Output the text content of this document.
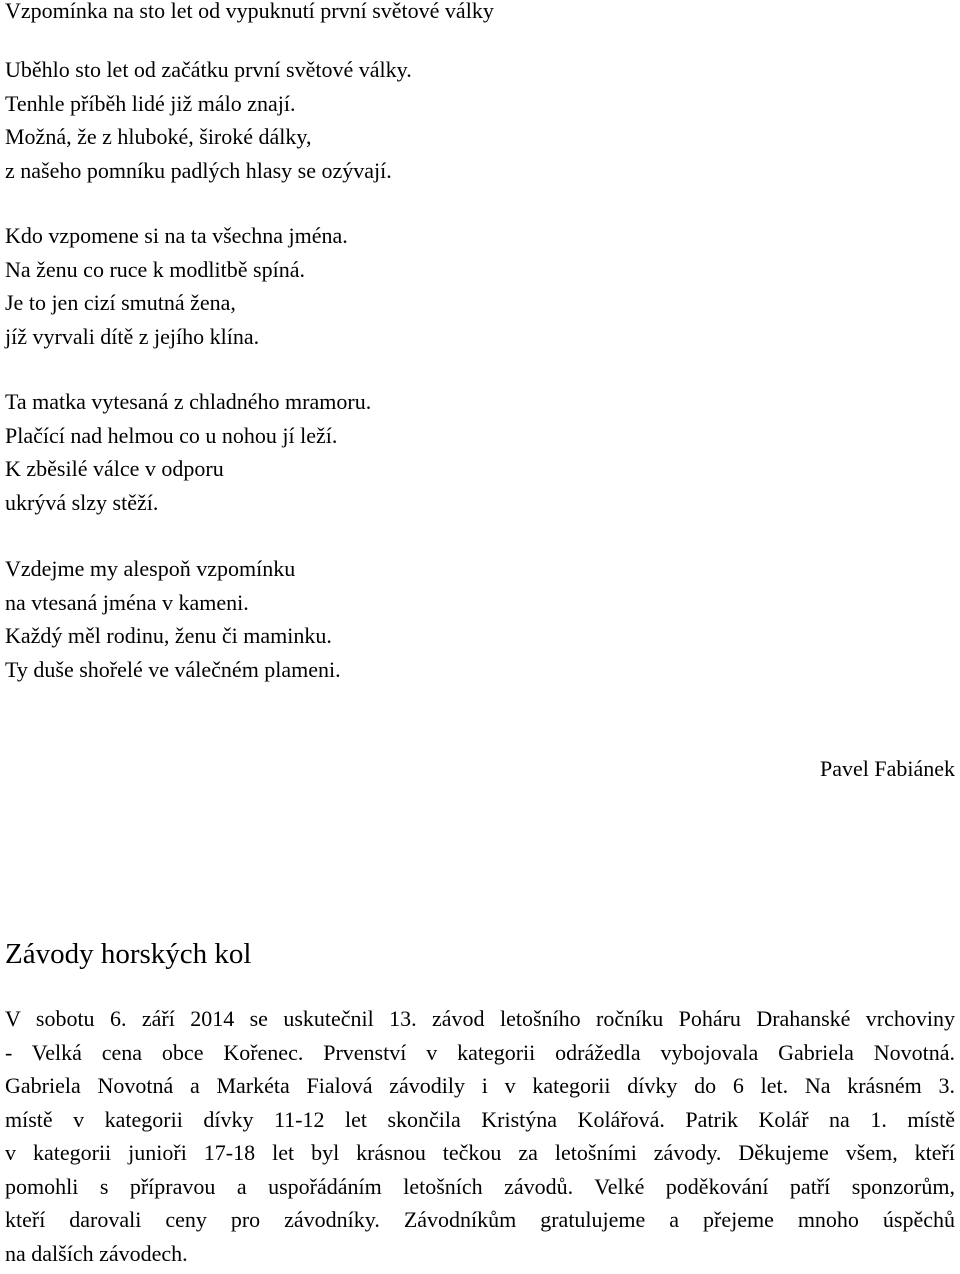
Vzpomínka na sto let od vypuknutí první světové války
Uběhlo sto let od začátku první světové války.
Tenhle příběh lidé již málo znají.
Možná, že z hluboké, široké dálky,
z našeho pomníku padlých hlasy se ozývají.
Kdo vzpomene si na ta všechna jména.
Na ženu co ruce k modlitbě spíná.
Je to jen cizí smutná žena,
jíž vyrvali dítě z jejího klína.
Ta matka vytesaná z chladného mramoru.
Plačící nad helmou co u nohou jí leží.
K zběsilé válce v odporu
ukrývá slzy stěží.
Vzdejme my alespoň vzpomínku
na vtesaná jména v kameni.
Každý měl rodinu, ženu či maminku.
Ty duše shořelé ve válečném plameni.
Pavel Fabiánek
Závody horských kol
V sobotu 6. září 2014 se uskutečnil 13. závod letošního ročníku Poháru Drahanské vrchoviny
- Velká cena obce Kořenec. Prvenství v kategorii odrážedla vybojovala Gabriela Novotná.
Gabriela Novotná a Markéta Fialová závodily i v kategorii dívky do 6 let. Na krásném 3.
místě v kategorii dívky 11-12 let skončila Kristýna Kolářová. Patrik Kolář na 1. místě
v kategorii junioři 17-18 let byl krásnou tečkou za letošními závody. Děkujeme všem, kteří
pomohli s přípravou a uspořádáním letošních závodů. Velké poděkování patří sponzorům,
kteří darovali ceny pro závodníky. Závodníkům gratulujeme a přejeme mnoho úspěchů
na dalších závodech.
